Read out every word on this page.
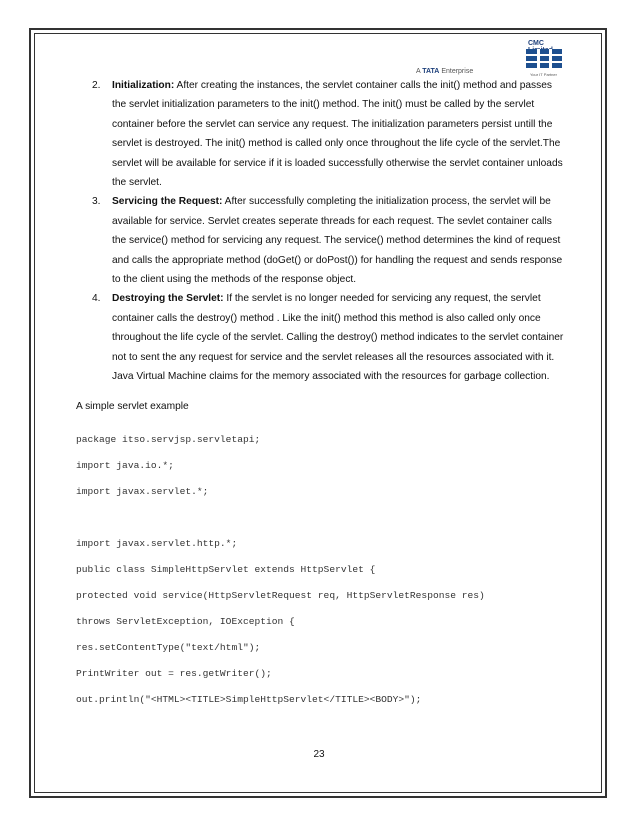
CMC
Your IT Partner
A TATA Enterprise
2. Initialization: After creating the instances, the servlet container calls the init() method and passes the servlet initialization parameters to the init() method. The init() must be called by the servlet container before the servlet can service any request. The initialization parameters persist untill the servlet is destroyed. The init() method is called only once throughout the life cycle of the servlet.The servlet will be available for service if it is loaded successfully otherwise the servlet container unloads the servlet.
3. Servicing the Request: After successfully completing the initialization process, the servlet will be available for service. Servlet creates seperate threads for each request. The sevlet container calls the service() method for servicing any request. The service() method determines the kind of request and calls the appropriate method (doGet() or doPost()) for handling the request and sends response to the client using the methods of the response object.
4. Destroying the Servlet: If the servlet is no longer needed for servicing any request, the servlet container calls the destroy() method . Like the init() method this method is also called only once throughout the life cycle of the servlet. Calling the destroy() method indicates to the servlet container not to sent the any request for service and the servlet releases all the resources associated with it. Java Virtual Machine claims for the memory associated with the resources for garbage collection.
A simple servlet example
package itso.servjsp.servletapi;
import java.io.*;
import javax.servlet.*;
import javax.servlet.http.*;
public class SimpleHttpServlet extends HttpServlet {
protected void service(HttpServletRequest req, HttpServletResponse res)
throws ServletException, IOException {
res.setContentType("text/html");
PrintWriter out = res.getWriter();
out.println("<HTML><TITLE>SimpleHttpServlet</TITLE><BODY>");
23
